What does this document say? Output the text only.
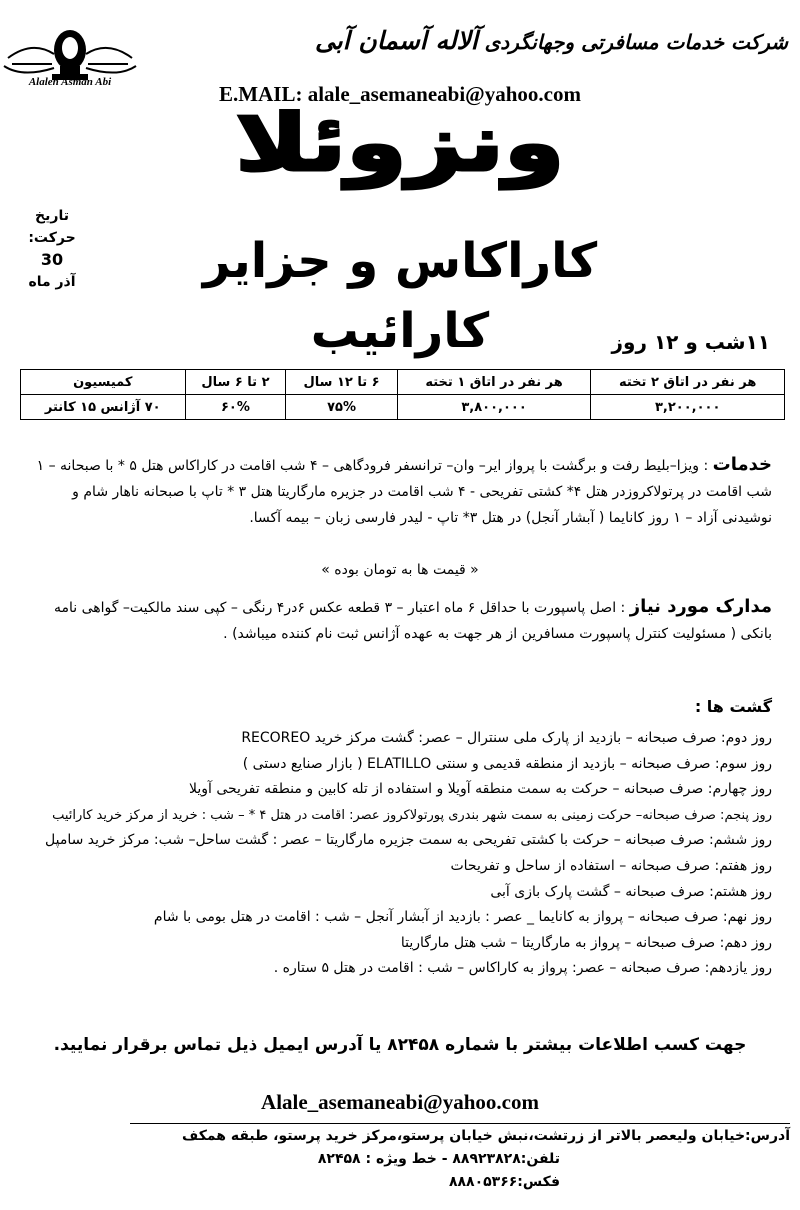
Alaleh Asman Abi
شرکت خدمات مسافرتی وجهانگردی آلاله آسمان آبی
E.MAIL: alale_asemaneabi@yahoo.com
ونزوئلا
کاراکاس و جزایر کارائیب
تاریخ حرکت:
30
آذر ماه
۱۱شب و ۱۲ روز
هر نفر در اتاق ۲ تخته	هر نفر در اتاق ۱ تخته	۶ تا ۱۲ سال	۲ تا ۶ سال	کمیسیون
۳,۲۰۰,۰۰۰	۳,۸۰۰,۰۰۰	۷۵%	۶۰%	۷۰ آژانس ۱۵ کانتر
خدمات : ویزا–بلیط رفت و برگشت با پرواز ایر– وان– ترانسفر فرودگاهی – ۴ شب اقامت در کاراکاس هتل ۵ * با صبحانه – ۱ شب اقامت در پرتولاکروزدر هتل ۴* کشتی تفریحی - ۴ شب اقامت در جزیره مارگاریتا هتل ۳ * تاپ با صبحانه ناهار شام و نوشیدنی آزاد – ۱ روز کانایما ( آبشار آنجل) در هتل ۳* تاپ - لیدر فارسی زبان – بیمه آکسا.
« قیمت ها به تومان بوده »
مدارک مورد نیاز : اصل پاسپورت با حداقل ۶ ماه اعتبار – ۳ قطعه عکس ۶در۴ رنگی – کپی سند مالکیت– گواهی نامه بانکی ( مسئولیت کنترل پاسپورت مسافرین از هر جهت به عهده آژانس ثبت نام کننده میباشد) .
گشت ها :
روز دوم: صرف صبحانه – بازدید از پارک ملی سنترال – عصر: گشت مرکز خرید RECOREO
روز سوم: صرف صبحانه – بازدید از منطقه قدیمی و سنتی ELATILLO ( بازار صنایع دستی )
روز چهارم: صرف صبحانه – حرکت به سمت منطقه آویلا و استفاده از تله کابین و منطقه تفریحی آویلا
روز پنجم: صرف صبحانه– حرکت زمینی به سمت شهر بندری پورتولاکروز عصر: اقامت در هتل ۴ * – شب : خرید از مرکز خرید کارائیب
روز ششم: صرف صبحانه – حرکت با کشتی تفریحی به سمت جزیره مارگاریتا – عصر : گشت ساحل– شب: مرکز خرید سامپل
روز هفتم: صرف صبحانه – استفاده از ساحل و تفریحات
روز هشتم: صرف صبحانه – گشت پارک بازی آبی
روز نهم: صرف صبحانه – پرواز به کانایما _ عصر : بازدید از آبشار آنجل – شب : اقامت در هتل بومی با شام
روز دهم: صرف صبحانه – پرواز به مارگاریتا – شب هتل مارگاریتا
روز یازدهم: صرف صبحانه – عصر: پرواز به کاراکاس – شب : اقامت در هتل ۵ ستاره .
جهت کسب اطلاعات بیشتر با شماره ۸۲۴۵۸ یا آدرس ایمیل ذیل تماس برقرار نمایید.
Alale_asemaneabi@yahoo.com
آدرس:خیابان ولیعصر بالاتر از زرتشت،نبش خیابان پرستو،مرکز خرید پرستو، طبقه همکف
تلفن:۸۸۹۲۳۸۲۸ - خط ویژه : ۸۲۴۵۸
فکس:۸۸۸۰۵۳۶۶
